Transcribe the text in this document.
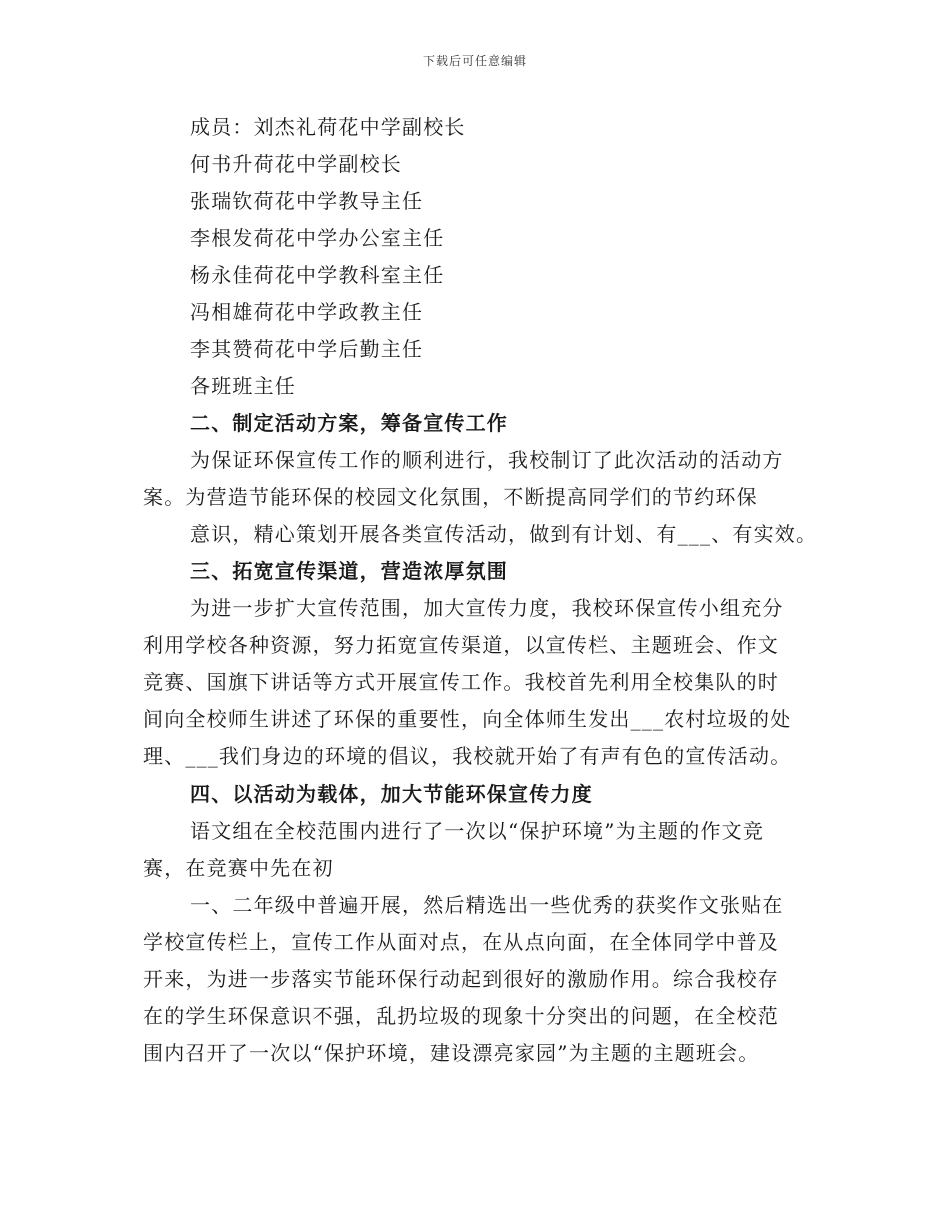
下载后可任意编辑
成员：刘杰礼荷花中学副校长
何书升荷花中学副校长
张瑞钦荷花中学教导主任
李根发荷花中学办公室主任
杨永佳荷花中学教科室主任
冯相雄荷花中学政教主任
李其赞荷花中学后勤主任
各班班主任
二、制定活动方案，筹备宣传工作
为保证环保宣传工作的顺利进行，我校制订了此次活动的活动方
案。为营造节能环保的校园文化氛围，不断提高同学们的节约环保
意识，精心策划开展各类宣传活动，做到有计划、有___、有实效。
三、拓宽宣传渠道，营造浓厚氛围
为进一步扩大宣传范围，加大宣传力度，我校环保宣传小组充分
利用学校各种资源，努力拓宽宣传渠道，以宣传栏、主题班会、作文
竞赛、国旗下讲话等方式开展宣传工作。我校首先利用全校集队的时
间向全校师生讲述了环保的重要性，向全体师生发出___农村垃圾的处
理、___我们身边的环境的倡议，我校就开始了有声有色的宣传活动。
四、以活动为载体，加大节能环保宣传力度
语文组在全校范围内进行了一次以“保护环境”为主题的作文竞
赛，在竞赛中先在初
一、二年级中普遍开展，然后精选出一些优秀的获奖作文张贴在
学校宣传栏上，宣传工作从面对点，在从点向面，在全体同学中普及
开来，为进一步落实节能环保行动起到很好的激励作用。综合我校存
在的学生环保意识不强，乱扔垃圾的现象十分突出的问题，在全校范
围内召开了一次以“保护环境，建设漂亮家园”为主题的主题班会。
